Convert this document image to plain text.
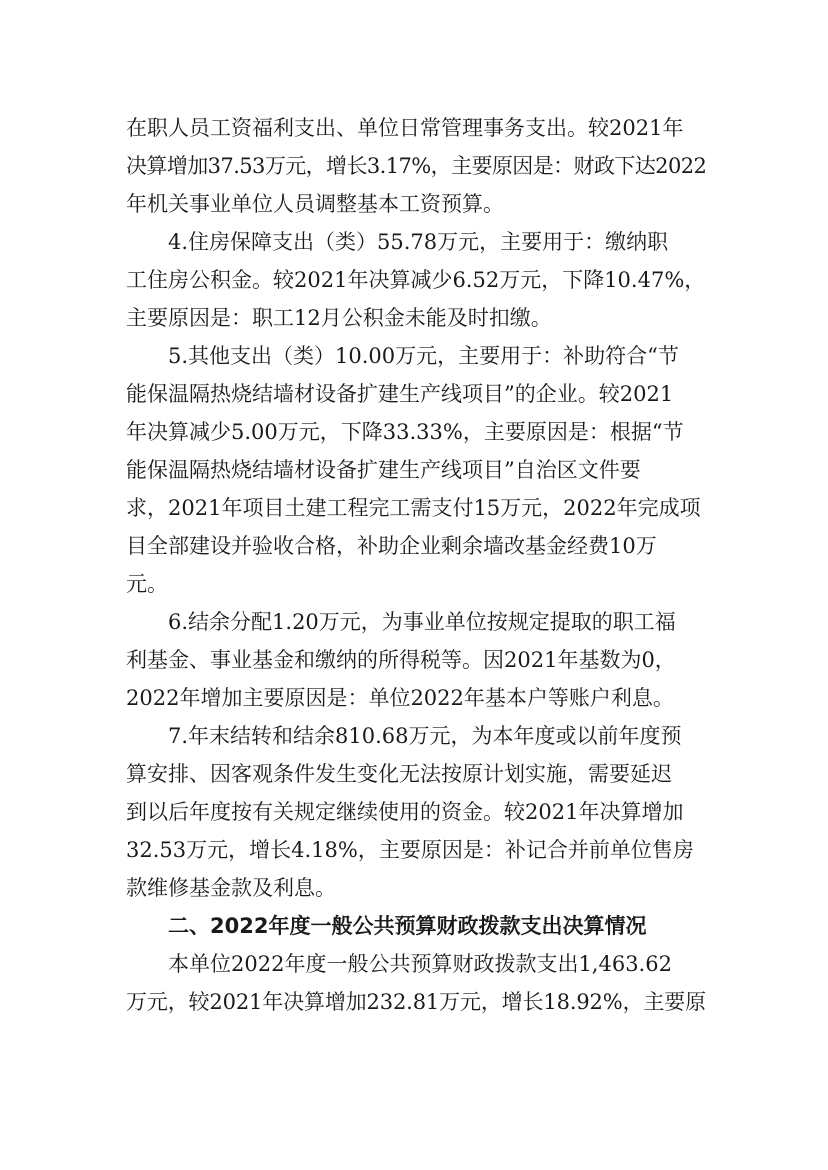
在职人员工资福利支出、单位日常管理事务支出。较2021年
决算增加37.53万元，增长3.17%，主要原因是：财政下达2022
年机关事业单位人员调整基本工资预算。
4.住房保障支出（类）55.78万元，主要用于：缴纳职
工住房公积金。较2021年决算减少6.52万元，下降10.47%，
主要原因是：职工12月公积金未能及时扣缴。
5.其他支出（类）10.00万元，主要用于：补助符合“节
能保温隔热烧结墙材设备扩建生产线项目”的企业。较2021
年决算减少5.00万元，下降33.33%，主要原因是：根据“节
能保温隔热烧结墙材设备扩建生产线项目”自治区文件要
求，2021年项目土建工程完工需支付15万元，2022年完成项
目全部建设并验收合格，补助企业剩余墙改基金经费10万
元。
6.结余分配1.20万元，为事业单位按规定提取的职工福
利基金、事业基金和缴纳的所得税等。因2021年基数为0，
2022年增加主要原因是：单位2022年基本户等账户利息。
7.年末结转和结余810.68万元，为本年度或以前年度预
算安排、因客观条件发生变化无法按原计划实施，需要延迟
到以后年度按有关规定继续使用的资金。较2021年决算增加
32.53万元，增长4.18%，主要原因是：补记合并前单位售房
款维修基金款及利息。
二、2022年度一般公共预算财政拨款支出决算情况
本单位2022年度一般公共预算财政拨款支出1,463.62
万元，较2021年决算增加232.81万元，增长18.92%，主要原
